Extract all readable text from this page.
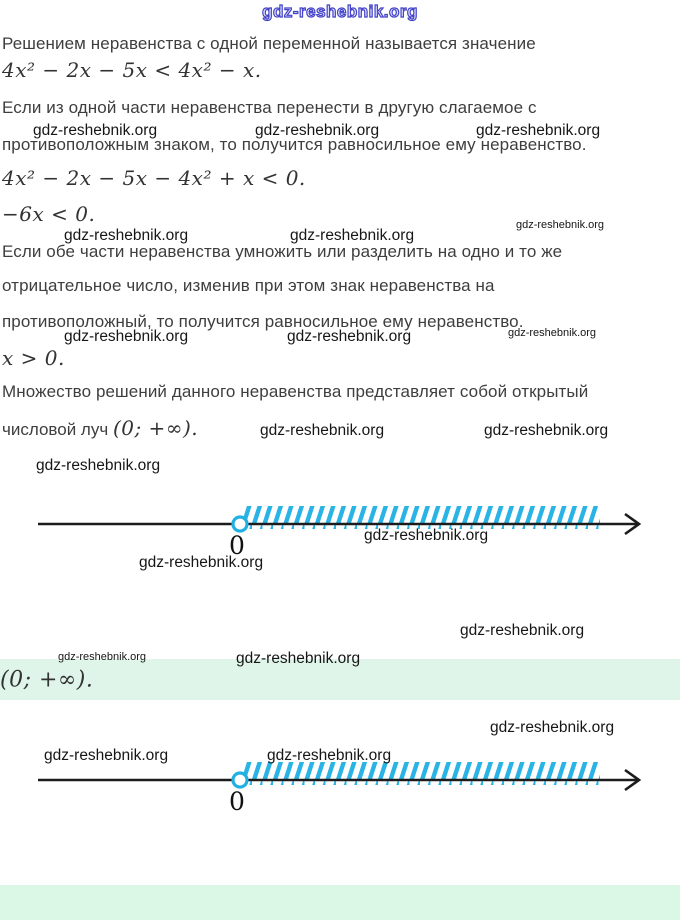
gdz-reshebnik.org
Решением неравенства с одной переменной называется значение
4x² − 2x − 5x < 4x² − x.
Если из одной части неравенства перенести в другую слагаемое с
gdz-reshebnik.org	gdz-reshebnik.org	gdz-reshebnik.org
противоположным знаком, то получится равносильное ему неравенство.
4x² − 2x − 5x − 4x² + x < 0.
−6x < 0.	gdz-reshebnik.org
gdz-reshebnik.org	gdz-reshebnik.org
Если обе части неравенства умножить или разделить на одно и то же
отрицательное число, изменив при этом знак неравенства на
противоположный, то получится равносильное ему неравенство.
gdz-reshebnik.org	gdz-reshebnik.org	gdz-reshebnik.org
x > 0.
Множество решений данного неравенства представляет собой открытый
числовой луч (0; +∞).	gdz-reshebnik.org	gdz-reshebnik.org
gdz-reshebnik.org
gdz-reshebnik.org
0
gdz-reshebnik.org
gdz-reshebnik.org
gdz-reshebnik.org	gdz-reshebnik.org
(0; +∞).
gdz-reshebnik.org
gdz-reshebnik.org	gdz-reshebnik.org
0
